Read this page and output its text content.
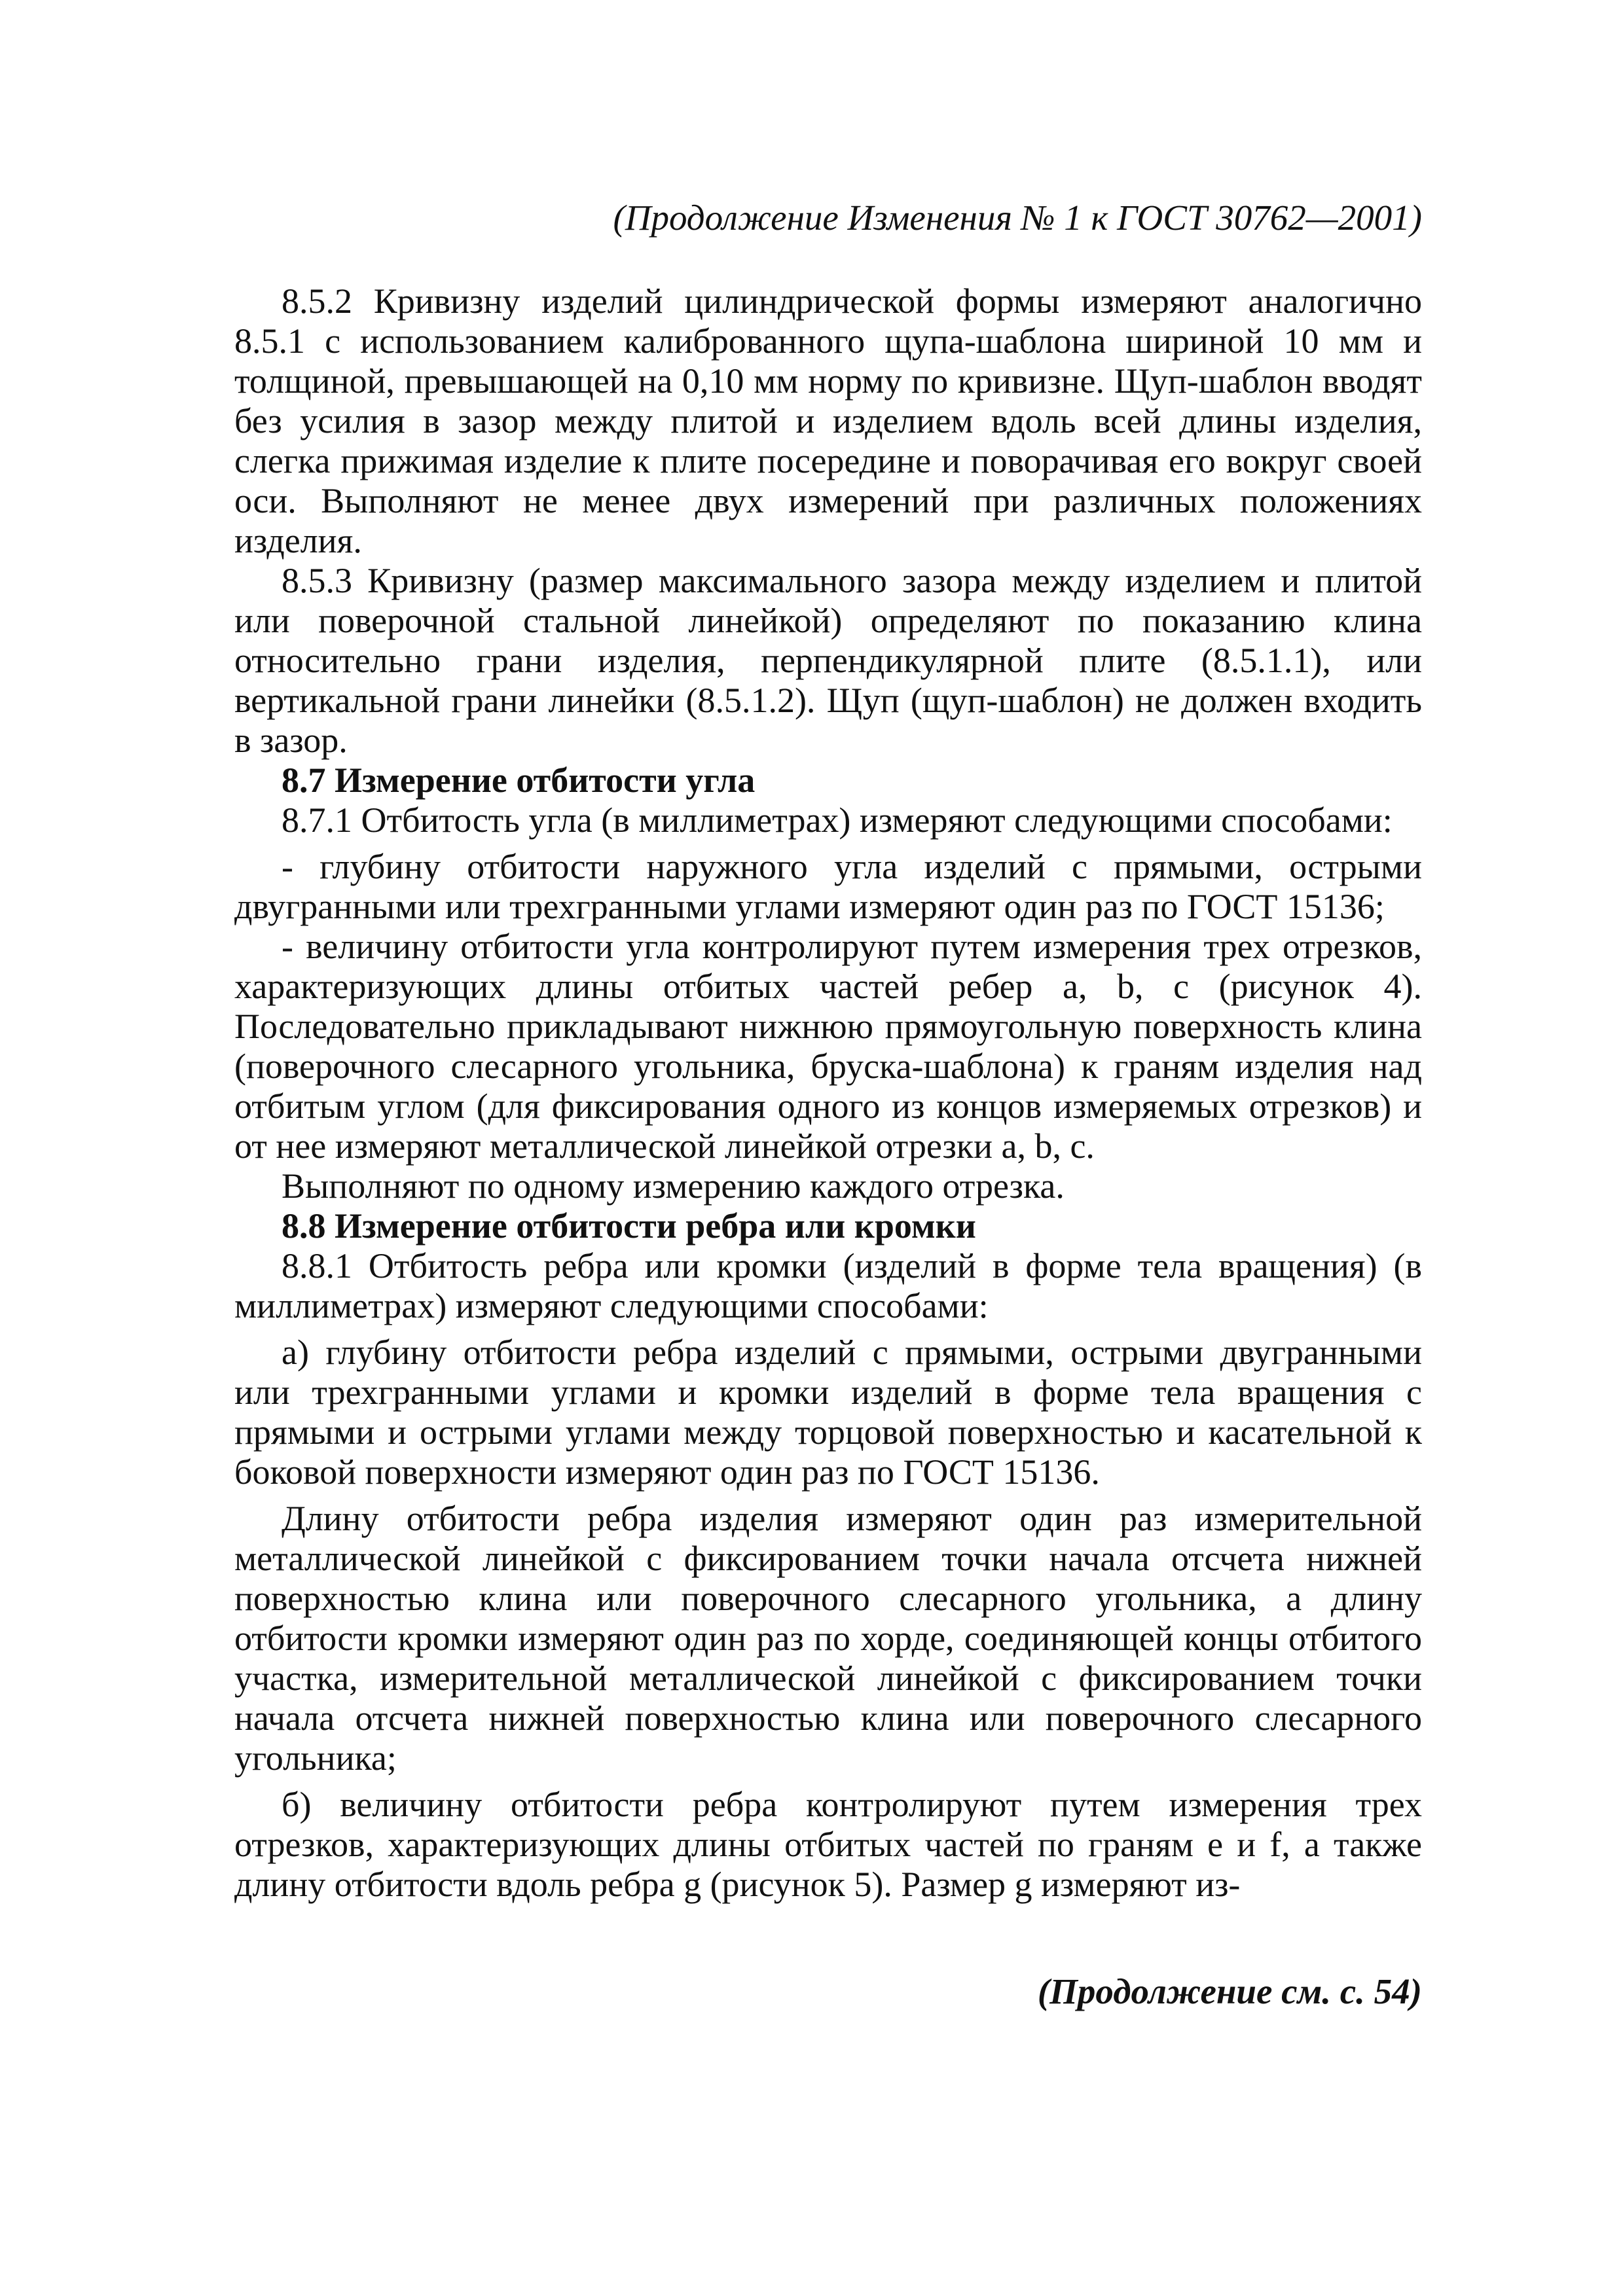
(Продолжение Изменения № 1 к ГОСТ 30762—2001)

8.5.2 Кривизну изделий цилиндрической формы измеряют аналогично 8.5.1 с использованием калиброванного щупа-шаблона шириной 10 мм и толщиной, превышающей на 0,10 мм норму по кривизне. Щуп-шаблон вводят без усилия в зазор между плитой и изделием вдоль всей длины изделия, слегка прижимая изделие к плите посередине и поворачивая его вокруг своей оси. Выполняют не менее двух измерений при различных положениях изделия.

8.5.3 Кривизну (размер максимального зазора между изделием и плитой или поверочной стальной линейкой) определяют по показанию клина относительно грани изделия, перпендикулярной плите (8.5.1.1), или вертикальной грани линейки (8.5.1.2). Щуп (щуп-шаблон) не должен входить в зазор.

8.7 Измерение отбитости угла

8.7.1 Отбитость угла (в миллиметрах) измеряют следующими способами:

- глубину отбитости наружного угла изделий с прямыми, острыми двугранными или трехгранными углами измеряют один раз по ГОСТ 15136;

- величину отбитости угла контролируют путем измерения трех отрезков, характеризующих длины отбитых частей ребер a, b, c (рисунок 4). Последовательно прикладывают нижнюю прямоугольную поверхность клина (поверочного слесарного угольника, бруска-шаблона) к граням изделия над отбитым углом (для фиксирования одного из концов измеряемых отрезков) и от нее измеряют металлической линейкой отрезки a, b, c.

Выполняют по одному измерению каждого отрезка.

8.8 Измерение отбитости ребра или кромки

8.8.1 Отбитость ребра или кромки (изделий в форме тела вращения) (в миллиметрах) измеряют следующими способами:

а) глубину отбитости ребра изделий с прямыми, острыми двугранными или трехгранными углами и кромки изделий в форме тела вращения с прямыми и острыми углами между торцовой поверхностью и касательной к боковой поверхности измеряют один раз по ГОСТ 15136.

Длину отбитости ребра изделия измеряют один раз измерительной металлической линейкой с фиксированием точки начала отсчета нижней поверхностью клина или поверочного слесарного угольника, а длину отбитости кромки измеряют один раз по хорде, соединяющей концы отбитого участка, измерительной металлической линейкой с фиксированием точки начала отсчета нижней поверхностью клина или поверочного слесарного угольника;

б) величину отбитости ребра контролируют путем измерения трех отрезков, характеризующих длины отбитых частей по граням e и f, а также длину отбитости вдоль ребра g (рисунок 5). Размер g измеряют из-

(Продолжение см. с. 54)
